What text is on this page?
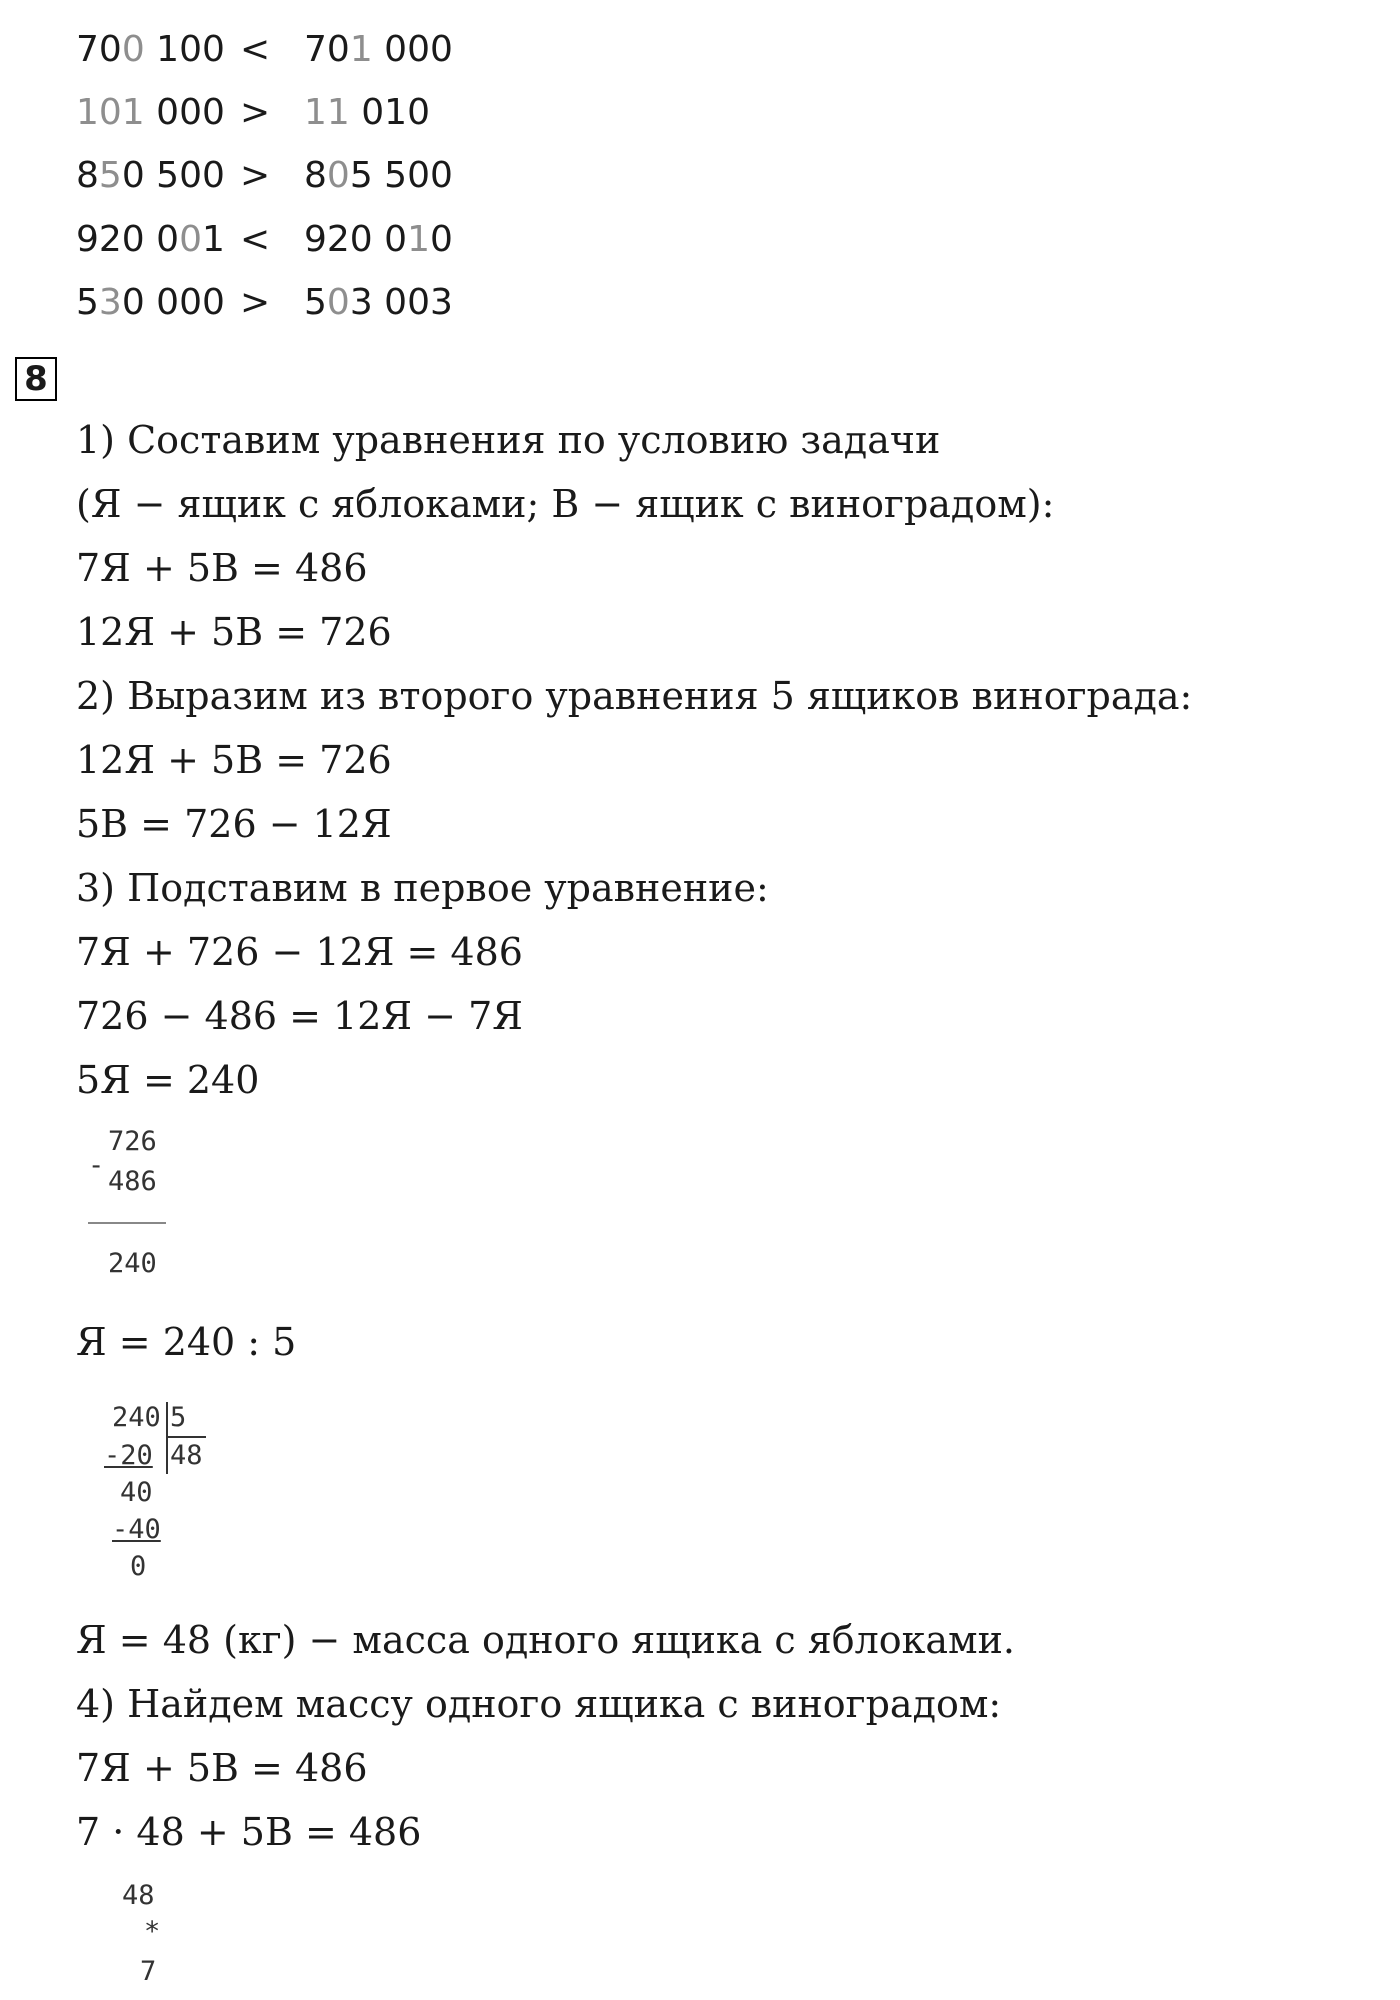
700 100 < 701 000
101 000 > 11 010
850 500 > 805 500
920 001 < 920 010
530 000 > 503 003
8
1) Составим уравнения по условию задачи
(Я − ящик с яблоками; В − ящик с виноградом):
7Я + 5В = 486
12Я + 5В = 726
2) Выразим из второго уравнения 5 ящиков винограда:
12Я + 5В = 726
5В = 726 − 12Я
3) Подставим в первое уравнение:
7Я + 726 − 12Я = 486
726 − 486 = 12Я − 7Я
5Я = 240
-
726
486
240
Я = 240 : 5
240 5
48
-20
40
-40
0
Я = 48 (кг) − масса одного ящика с яблоками.
4) Найдем массу одного ящика с виноградом:
7Я + 5В = 486
7 · 48 + 5В = 486
48
*
7
